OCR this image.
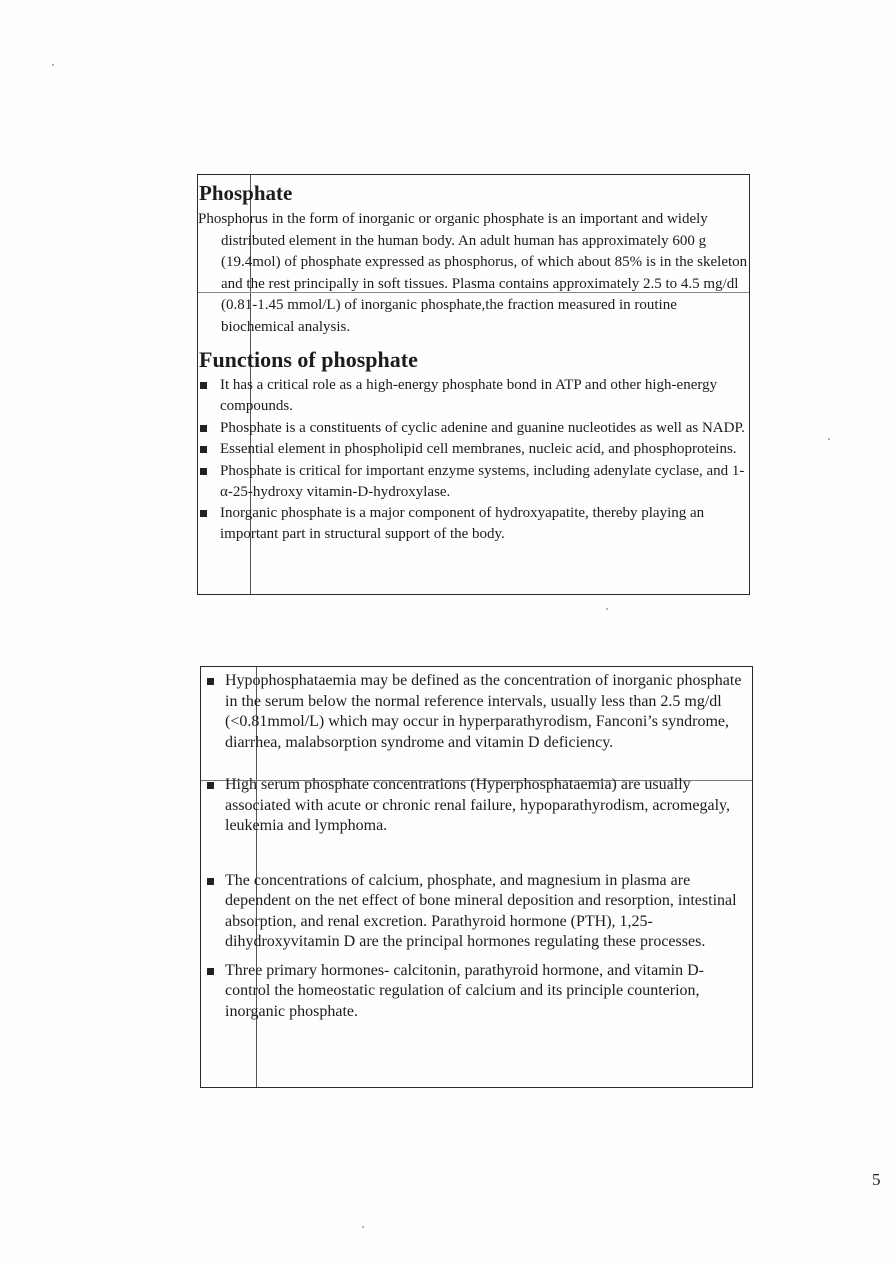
Phosphate
Phosphorus in the form of inorganic or organic phosphate is an important and widely distributed element in the human body. An adult human has approximately 600 g (19.4mol) of phosphate expressed as phosphorus, of which about 85% is in the skeleton and the rest principally in soft tissues. Plasma contains approximately 2.5 to 4.5 mg/dl (0.81-1.45 mmol/L) of inorganic phosphate,the fraction measured in routine biochemical analysis.
Functions of phosphate
It has a critical role as a high-energy phosphate bond in ATP and other high-energy compounds.
Phosphate is a constituents of cyclic adenine and guanine nucleotides as well as NADP.
Essential element in phospholipid cell membranes, nucleic acid, and phosphoproteins.
Phosphate is critical for important enzyme systems, including adenylate cyclase, and 1-α-25-hydroxy vitamin-D-hydroxylase.
Inorganic phosphate is a major component of hydroxyapatite, thereby playing an important part in structural support of the body.
Hypophosphataemia may be defined as the concentration of inorganic phosphate in the serum below the normal reference intervals, usually less than 2.5 mg/dl (<0.81mmol/L) which may occur in hyperparathyrodism, Fanconi’s syndrome, diarrhea, malabsorption syndrome and vitamin D deficiency.
High serum phosphate concentrations (Hyperphosphataemia) are usually associated with acute or chronic renal failure, hypoparathyrodism, acromegaly, leukemia and lymphoma.
The concentrations of calcium, phosphate, and magnesium in plasma are dependent on the net effect of bone mineral deposition and resorption, intestinal absorption, and renal excretion. Parathyroid hormone (PTH), 1,25-dihydroxyvitamin D are the principal hormones regulating these processes.
Three primary hormones- calcitonin, parathyroid hormone, and vitamin D- control the homeostatic regulation of calcium and its principle counterion, inorganic phosphate.
5
